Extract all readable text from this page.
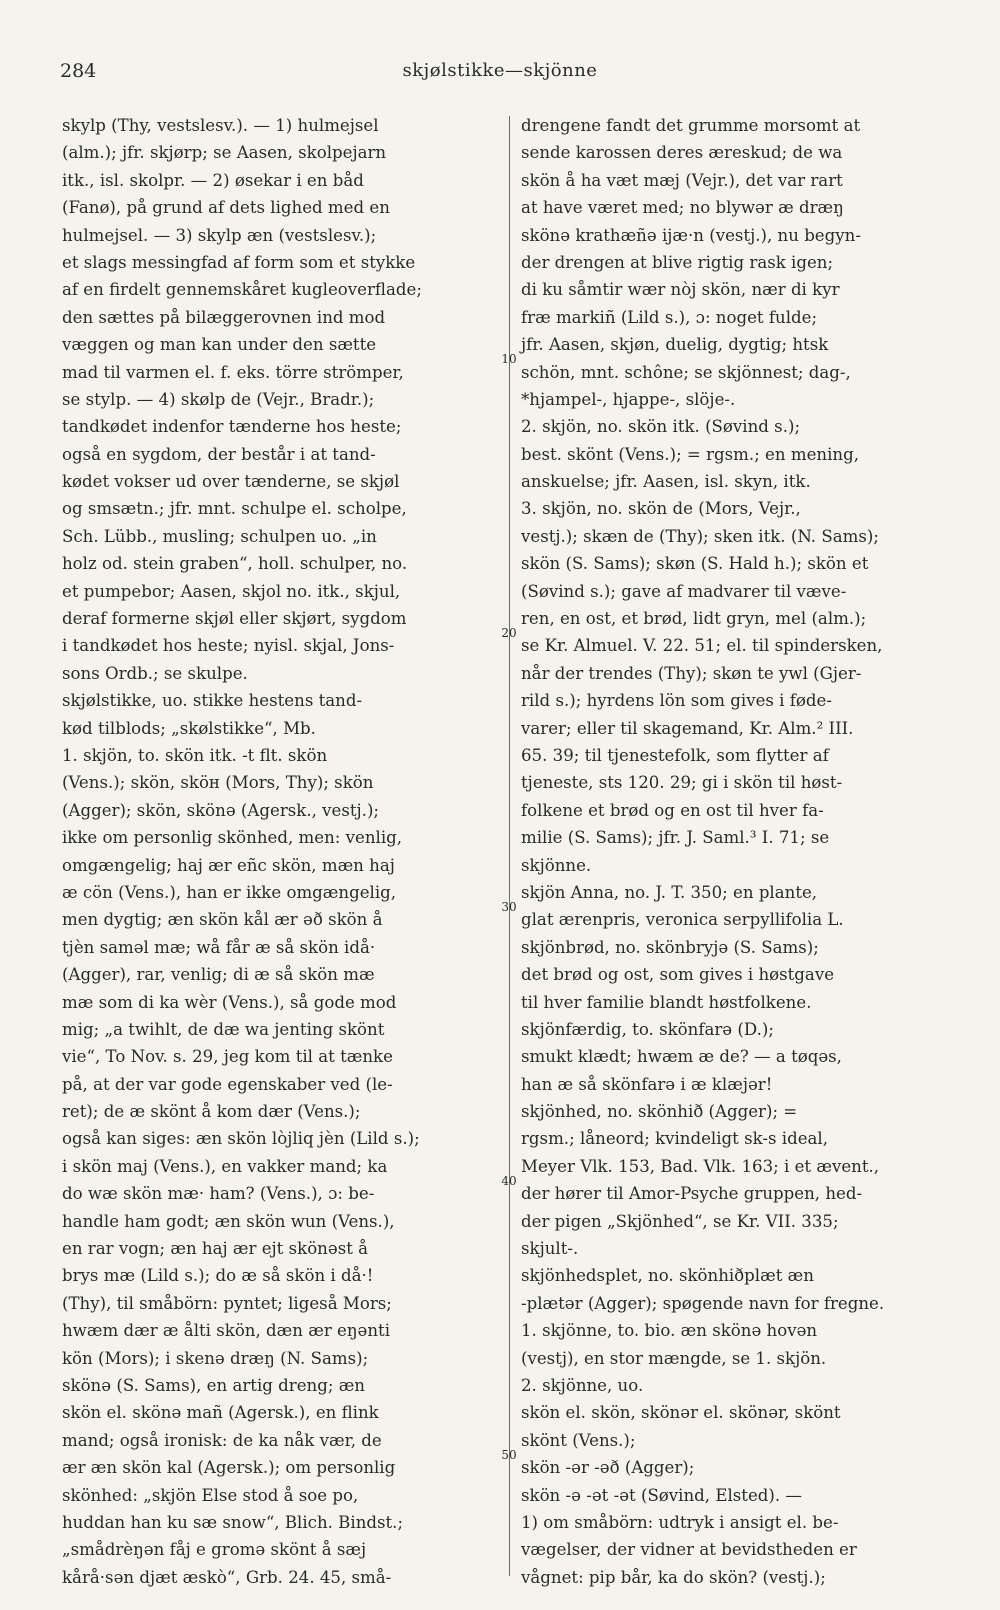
284	skjølstikke—skjönne
10
20
30
40
50
skylp (Thy, vestslesv.). — 1) hulmejsel
(alm.); jfr. skjørp; se Aasen, skolpejarn
itk., isl. skolpr. — 2) øsekar i en båd
(Fanø), på grund af dets lighed med en
hulmejsel. — 3) skylp æn (vestslesv.);
et slags messingfad af form som et stykke
af en firdelt gennemskåret kugleoverflade;
den sættes på bilæggerovnen ind mod
væggen og man kan under den sætte
mad til varmen el. f. eks. törre strömper,
se stylp. — 4) skølp de (Vejr., Bradr.);
tandkødet indenfor tænderne hos heste;
også en sygdom, der består i at tand-
kødet vokser ud over tænderne, se skjøl
og smsætn.; jfr. mnt. schulpe el. scholpe,
Sch. Lübb., musling; schulpen uo. „in
holz od. stein graben“, holl. schulper, no.
et pumpebor; Aasen, skjol no. itk., skjul,
deraf formerne skjøl eller skjørt, sygdom
i tandkødet hos heste; nyisl. skjal, Jons-
sons Ordb.; se skulpe.
skjølstikke, uo. stikke hestens tand-
kød tilblods; „skølstikke“, Mb.
1. skjön, to. skön itk. -t flt. skön
(Vens.); skön, sköн (Mors, Thy); skön
(Agger); skön, skönə (Agersk., vestj.);
ikke om personlig skönhed, men: venlig,
omgængelig; haj ær eñc skön, mæn haj
æ cön (Vens.), han er ikke omgængelig,
men dygtig; æn skön kål ær əð skön å
tjèn saməl mæ; wå får æ så skön idå·
(Agger), rar, venlig; di æ så skön mæ
mæ som di ka wèr (Vens.), så gode mod
mig; „a twihlt, de dæ wa jenting skönt
vie“, To Nov. s. 29, jeg kom til at tænke
på, at der var gode egenskaber ved (le-
ret); de æ skönt å kom dær (Vens.);
også kan siges: æn skön lòjliq jèn (Lild s.);
i skön maj (Vens.), en vakker mand; ka
do wæ skön mæ· ham? (Vens.), ɔ: be-
handle ham godt; æn skön wun (Vens.),
en rar vogn; æn haj ær ejt skönəst å
brys mæ (Lild s.); do æ så skön i då·!
(Thy), til småbörn: pyntet; ligeså Mors;
hwæm dær æ ålti skön, dæn ær eŋənti
kön (Mors); i skenə dræŋ (N. Sams);
skönə (S. Sams), en artig dreng; æn
skön el. skönə mañ (Agersk.), en flink
mand; også ironisk: de ka nåk vær, de
ær æn skön kal (Agersk.); om personlig
skönhed: „skjön Else stod å soe po,
huddan han ku sæ snow“, Blich. Bindst.;
„smådrèŋən fåj e gromə skönt å sæj
kårå·sən djæt æskò“, Grb. 24. 45, små-
drengene fandt det grumme morsomt at
sende karossen deres æreskud; de wa
skön å ha væt mæj (Vejr.), det var rart
at have været med; no blywər æ dræŋ
skönə krathæñə ijæ·n (vestj.), nu begyn-
der drengen at blive rigtig rask igen;
di ku såmtir wær nòj skön, nær di kyr
fræ markiñ (Lild s.), ɔ: noget fulde;
jfr. Aasen, skjøn, duelig, dygtig; htsk
schön, mnt. schône; se skjönnest; dag-,
*hjampel-, hjappe-, slöje-.
2. skjön, no. skön itk. (Søvind s.);
best. skönt (Vens.); = rgsm.; en mening,
anskuelse; jfr. Aasen, isl. skyn, itk.
3. skjön, no. skön de (Mors, Vejr.,
vestj.); skæn de (Thy); sken itk. (N. Sams);
skön (S. Sams); skøn (S. Hald h.); skön et
(Søvind s.); gave af madvarer til væve-
ren, en ost, et brød, lidt gryn, mel (alm.);
se Kr. Almuel. V. 22. 51; el. til spindersken,
når der trendes (Thy); skøn te ywl (Gjer-
rild s.); hyrdens lön som gives i føde-
varer; eller til skagemand, Kr. Alm.² III.
65. 39; til tjenestefolk, som flytter af
tjeneste, sts 120. 29; gi i skön til høst-
folkene et brød og en ost til hver fa-
milie (S. Sams); jfr. J. Saml.³ I. 71; se
skjönne.
skjön Anna, no. J. T. 350; en plante,
glat ærenpris, veronica serpyllifolia L.
skjönbrød, no. skönbryjə (S. Sams);
det brød og ost, som gives i høstgave
til hver familie blandt høstfolkene.
skjönfærdig, to. skönfarə (D.);
smukt klædt; hwæm æ de? — a tøqəs,
han æ så skönfarə i æ klæjər!
skjönhed, no. skönhið (Agger); =
rgsm.; låneord; kvindeligt sk-s ideal,
Meyer Vlk. 153, Bad. Vlk. 163; i et ævent.,
der hører til Amor-Psyche gruppen, hed-
der pigen „Skjönhed“, se Kr. VII. 335;
skjult-.
skjönhedsplet, no. skönhiðplæt æn
-plætər (Agger); spøgende navn for fregne.
1. skjönne, to. bio. æn skönə hovən
(vestj), en stor mængde, se 1. skjön.
2. skjönne, uo.
skön el. skön, skönər el. skönər, skönt
skönt (Vens.);
skön -ər -əð (Agger);
skön -ə -ət -ət (Søvind, Elsted). —
1) om småbörn: udtryk i ansigt el. be-
vægelser, der vidner at bevidstheden er
vågnet: pip bår, ka do skön? (vestj.);
